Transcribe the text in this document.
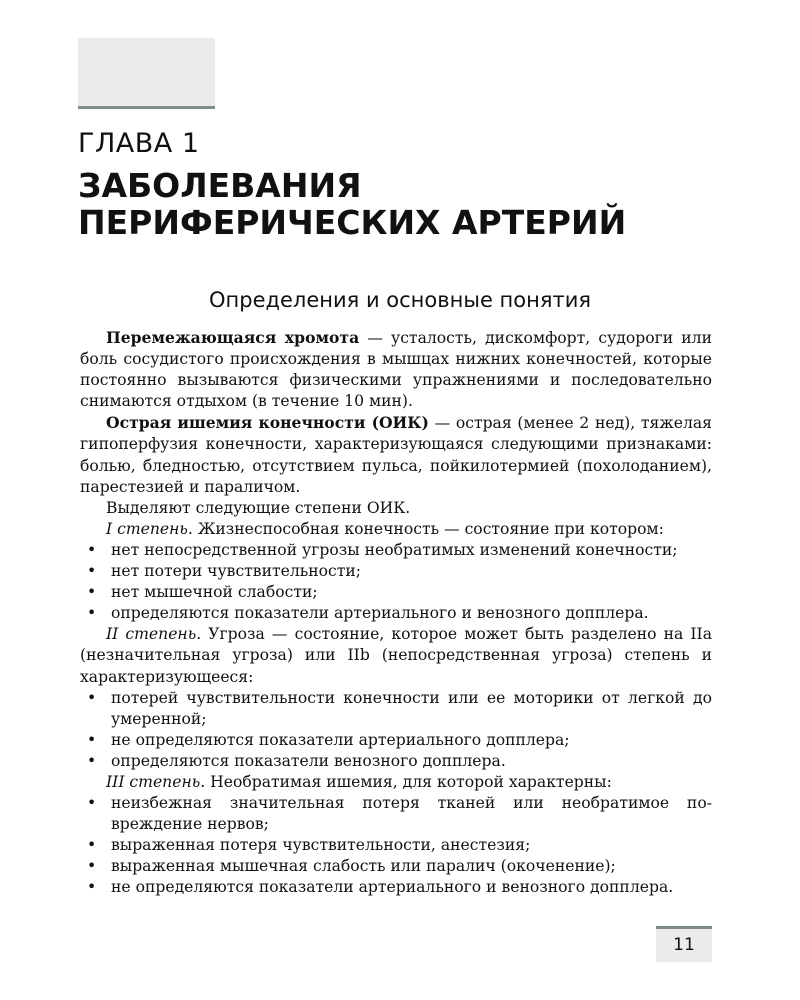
ГЛАВА 1
ЗАБОЛЕВАНИЯ
ПЕРИФЕРИЧЕСКИХ АРТЕРИЙ
Определения и основные понятия

Перемежающаяся хромота — усталость, дискомфорт, судороги или боль сосудистого происхождения в мышцах нижних конечностей, которые постоянно вызываются физическими упражнениями и последовательно снимаются отдыхом (в течение 10 мин).

Острая ишемия конечности (ОИК) — острая (менее 2 нед), тяжелая гипоперфузия конечности, характеризующаяся следующими признаками: болью, бледностью, отсутствием пульса, пойкилотермией (похолоданием), парестезией и параличом.

Выделяют следующие степени ОИК.

I степень. Жизнеспособная конечность — состояние при котором:

• нет непосредственной угрозы необратимых изменений конечности;
• нет потери чувствительности;
• нет мышечной слабости;
• определяются показатели артериального и венозного допплера.

II степень. Угроза — состояние, которое может быть разделено на IIa (незначительная угроза) или IIb (непосредственная угроза) степень и характеризующееся:

• потерей чувствительности конечности или ее моторики от легкой до умеренной;
• не определяются показатели артериального допплера;
• определяются показатели венозного допплера.

III степень. Необратимая ишемия, для которой характерны:

• неизбежная значительная потеря тканей или необратимое повреждение нервов;
• выраженная потеря чувствительности, анестезия;
• выраженная мышечная слабость или паралич (окоченение);
• не определяются показатели артериального и венозного допплера.
11
